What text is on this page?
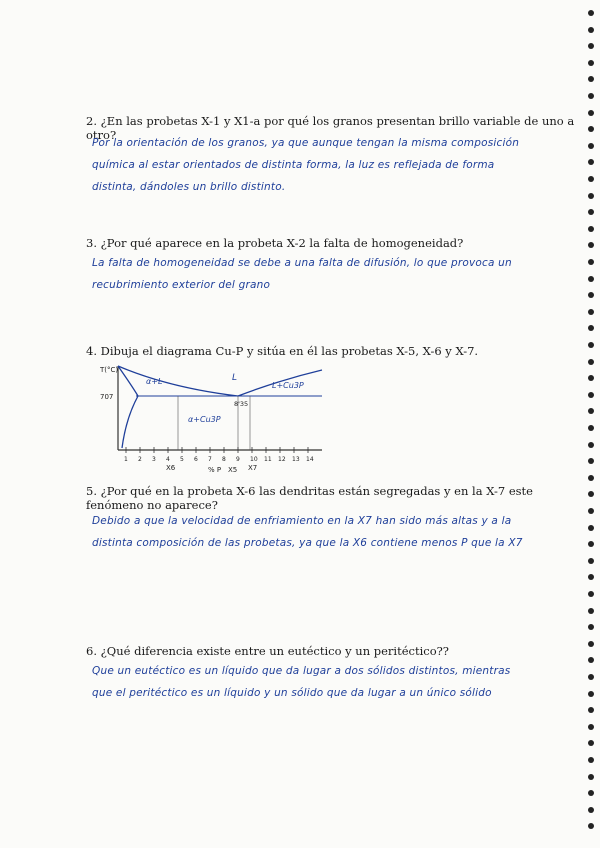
2. ¿En las probetas X-1 y X1-a por qué los granos presentan brillo variable de uno a otro?
Por la orientación de los granos, ya que aunque tengan la misma composición química al estar orientados de distinta forma, la luz es reflejada de forma distinta, dándoles un brillo distinto.
3. ¿Por qué aparece en la probeta X-2 la falta de homogeneidad?
La falta de homogeneidad se debe a una falta de difusión, lo que provoca un recubrimiento exterior del grano
4. Dibuja el diagrama Cu-P y sitúa en él las probetas X-5, X-6 y X-7.
T(°C)
707
α+L	L
L+Cu3P
α+Cu3P
8'35
1 2 3 4 5 6 7 8 9 10 11 12 13 14
X6	% P X5 X7
5. ¿Por qué en la probeta X-6 las dendritas están segregadas y en la X-7 este fenómeno no aparece?
Debido a que la velocidad de enfriamiento en la X7 han sido más altas y a la distinta composición de las probetas, ya que la X6 contiene menos P que la X7
6. ¿Qué diferencia existe entre un eutéctico y un peritéctico??
Que un eutéctico es un líquido que da lugar a dos sólidos distintos, mientras que el peritéctico es un líquido y un sólido que da lugar a un único sólido
